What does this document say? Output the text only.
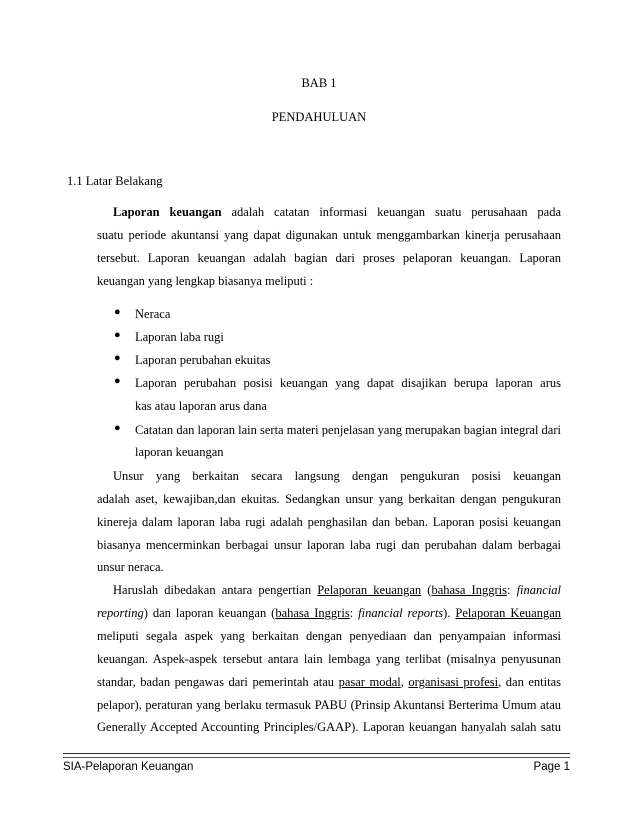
BAB 1
PENDAHULUAN
1.1 Latar Belakang
Laporan keuangan adalah catatan informasi keuangan suatu perusahaan pada
suatu periode akuntansi yang dapat digunakan untuk menggambarkan kinerja perusahaan
tersebut. Laporan keuangan adalah bagian dari proses pelaporan keuangan. Laporan
keuangan yang lengkap biasanya meliputi :
● Neraca
● Laporan laba rugi
● Laporan perubahan ekuitas
● Laporan perubahan posisi keuangan yang dapat disajikan berupa laporan arus
kas atau laporan arus dana
● Catatan dan laporan lain serta materi penjelasan yang merupakan bagian integral dari
laporan keuangan
Unsur yang berkaitan secara langsung dengan pengukuran posisi keuangan
adalah aset, kewajiban,dan ekuitas. Sedangkan unsur yang berkaitan dengan pengukuran
kinereja dalam laporan laba rugi adalah penghasilan dan beban. Laporan posisi keuangan
biasanya mencerminkan berbagai unsur laporan laba rugi dan perubahan dalam berbagai
unsur neraca.
Haruslah dibedakan antara pengertian Pelaporan keuangan (bahasa Inggris: financial
reporting) dan laporan keuangan (bahasa Inggris: financial reports). Pelaporan Keuangan
meliputi segala aspek yang berkaitan dengan penyediaan dan penyampaian informasi
keuangan. Aspek-aspek tersebut antara lain lembaga yang terlibat (misalnya penyusunan
standar, badan pengawas dari pemerintah atau pasar modal, organisasi profesi, dan entitas
pelapor), peraturan yang berlaku termasuk PABU (Prinsip Akuntansi Berterima Umum atau
Generally Accepted Accounting Principles/GAAP). Laporan keuangan hanyalah salah satu
SIA-Pelaporan Keuangan	Page 1
